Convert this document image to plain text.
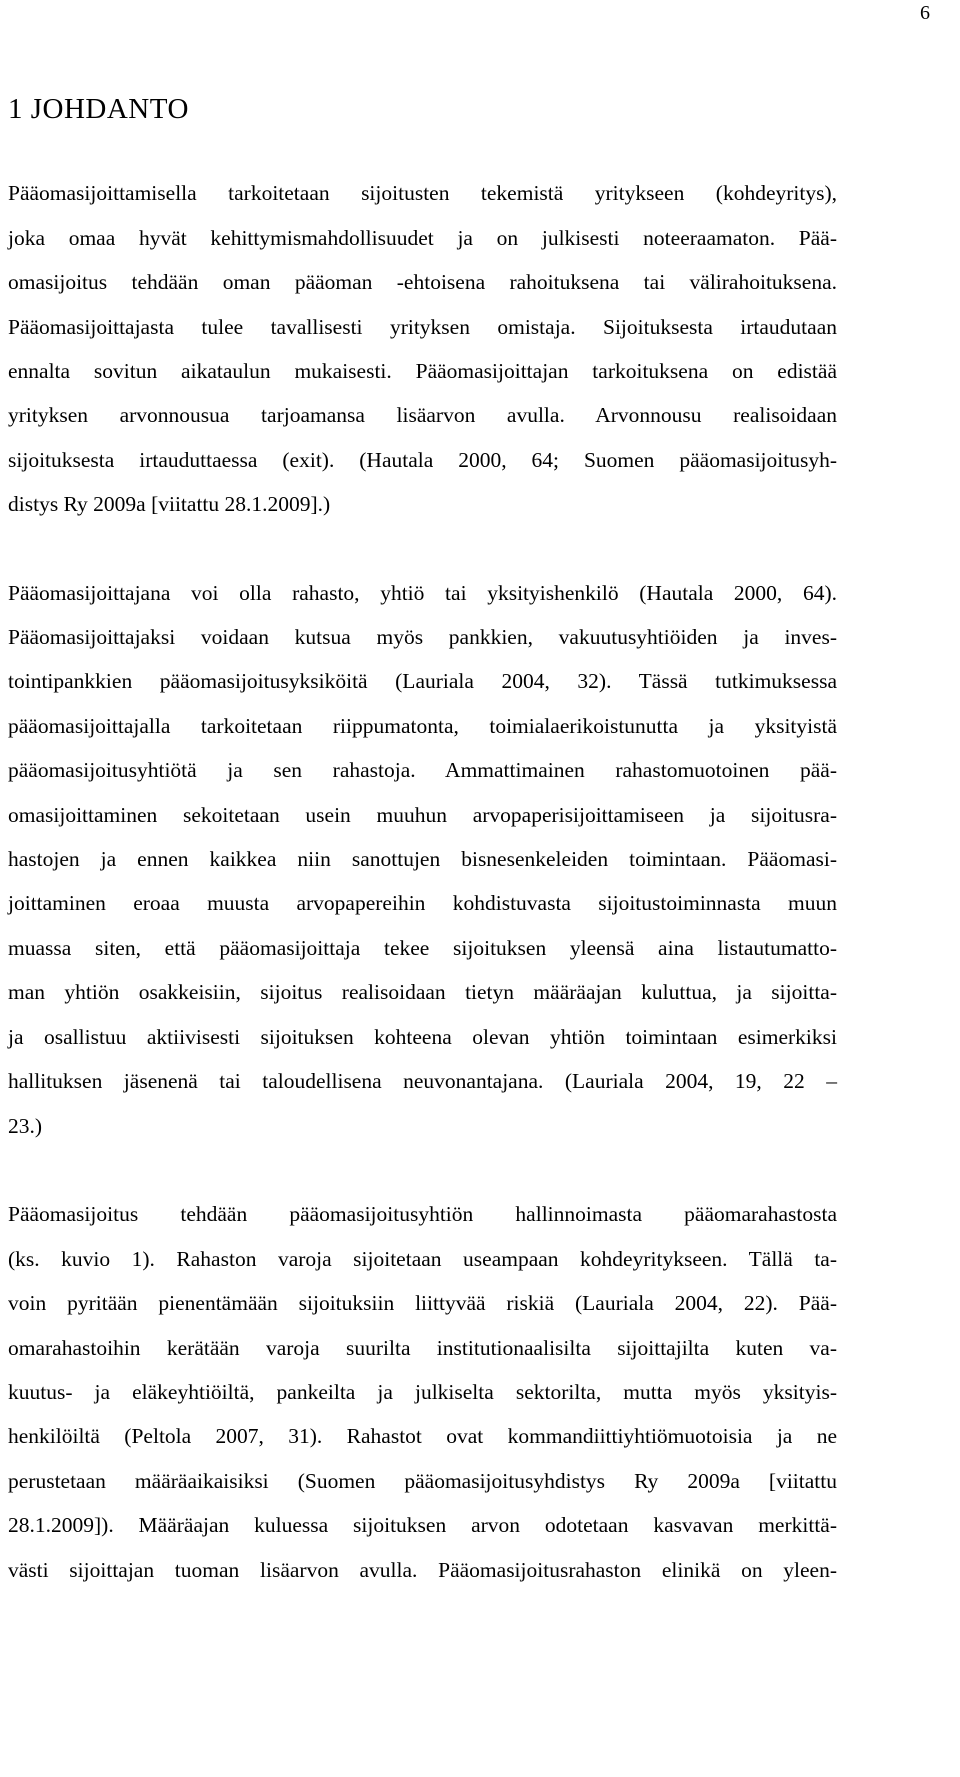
6
1 JOHDANTO
Pääomasijoittamisella tarkoitetaan sijoitusten tekemistä yritykseen (kohdeyritys),
joka omaa hyvät kehittymismahdollisuudet ja on julkisesti noteeraamaton. Pää-
omasijoitus tehdään oman pääoman -ehtoisena rahoituksena tai välirahoituksena.
Pääomasijoittajasta tulee tavallisesti yrityksen omistaja. Sijoituksesta irtaudutaan
ennalta sovitun aikataulun mukaisesti. Pääomasijoittajan tarkoituksena on edistää
yrityksen arvonnousua tarjoamansa lisäarvon avulla. Arvonnousu realisoidaan
sijoituksesta irtauduttaessa (exit). (Hautala 2000, 64; Suomen pääomasijoitusyh-
distys Ry 2009a [viitattu 28.1.2009].)
Pääomasijoittajana voi olla rahasto, yhtiö tai yksityishenkilö (Hautala 2000, 64).
Pääomasijoittajaksi voidaan kutsua myös pankkien, vakuutusyhtiöiden ja inves-
tointipankkien pääomasijoitusyksiköitä (Lauriala 2004, 32). Tässä tutkimuksessa
pääomasijoittajalla tarkoitetaan riippumatonta, toimialaerikoistunutta ja yksityistä
pääomasijoitusyhtiötä ja sen rahastoja. Ammattimainen rahastomuotoinen pää-
omasijoittaminen sekoitetaan usein muuhun arvopaperisijoittamiseen ja sijoitusra-
hastojen ja ennen kaikkea niin sanottujen bisnesenkeleiden toimintaan. Pääomasi-
joittaminen eroaa muusta arvopapereihin kohdistuvasta sijoitustoiminnasta muun
muassa siten, että pääomasijoittaja tekee sijoituksen yleensä aina listautumatto-
man yhtiön osakkeisiin, sijoitus realisoidaan tietyn määräajan kuluttua, ja sijoitta-
ja osallistuu aktiivisesti sijoituksen kohteena olevan yhtiön toimintaan esimerkiksi
hallituksen jäsenenä tai taloudellisena neuvonantajana. (Lauriala 2004, 19, 22 –
23.)
Pääomasijoitus tehdään pääomasijoitusyhtiön hallinnoimasta pääomarahastosta
(ks. kuvio 1). Rahaston varoja sijoitetaan useampaan kohdeyritykseen. Tällä ta-
voin pyritään pienentämään sijoituksiin liittyvää riskiä (Lauriala 2004, 22). Pää-
omarahastoihin kerätään varoja suurilta institutionaalisilta sijoittajilta kuten va-
kuutus- ja eläkeyhtiöiltä, pankeilta ja julkiselta sektorilta, mutta myös yksityis-
henkilöiltä (Peltola 2007, 31). Rahastot ovat kommandiittiyhtiömuotoisia ja ne
perustetaan määräaikaisiksi (Suomen pääomasijoitusyhdistys Ry 2009a [viitattu
28.1.2009]). Määräajan kuluessa sijoituksen arvon odotetaan kasvavan merkittä-
västi sijoittajan tuoman lisäarvon avulla. Pääomasijoitusrahaston elinikä on yleen-
